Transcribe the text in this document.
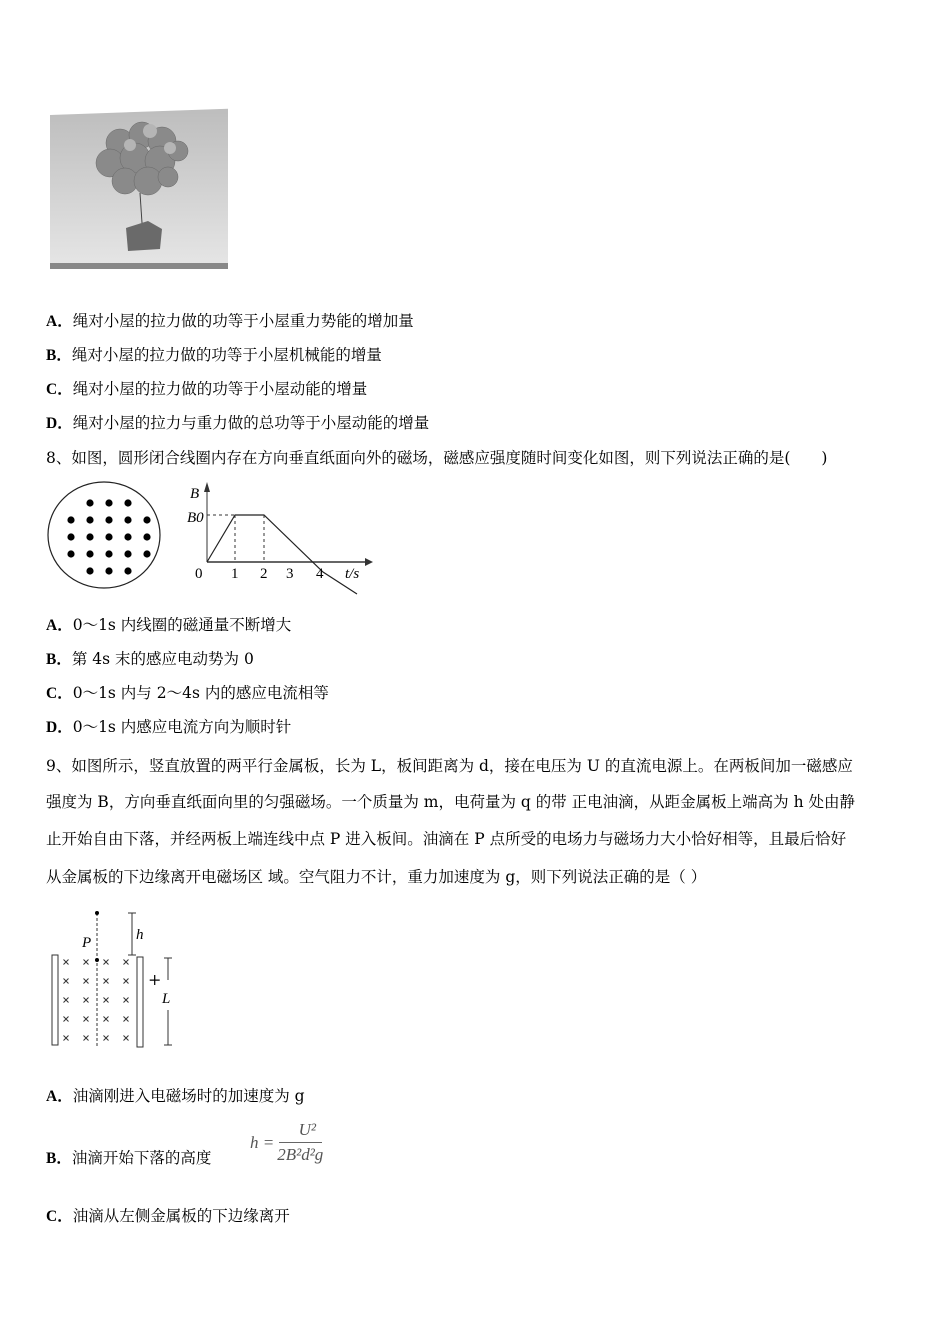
A．绳对小屋的拉力做的功等于小屋重力势能的增加量
B．绳对小屋的拉力做的功等于小屋机械能的增量
C．绳对小屋的拉力做的功等于小屋动能的增量
D．绳对小屋的拉力与重力做的总功等于小屋动能的增量
8、如图，圆形闭合线圈内存在方向垂直纸面向外的磁场，磁感应强度随时间变化如图，则下列说法正确的是(　　)
B
B0
0 1 2 3 4 t/s
A．0～1s 内线圈的磁通量不断增大
B．第 4s 末的感应电动势为 0
C．0～1s 内与 2～4s 内的感应电流相等
D．0～1s 内感应电流方向为顺时针
9、如图所示，竖直放置的两平行金属板，长为 L，板间距离为 d，接在电压为 U 的直流电源上。在两板间加一磁感应
强度为 B，方向垂直纸面向里的匀强磁场。一个质量为 m，电荷量为 q 的带 正电油滴，从距金属板上端高为 h 处由静
止开始自由下落，并经两板上端连线中点 P 进入板间。油滴在 P 点所受的电场力与磁场力大小恰好相等，且最后恰好
从金属板的下边缘离开电磁场区 域。空气阻力不计，重力加速度为 g，则下列说法正确的是（ ）
h
P
L
+
A．油滴刚进入电磁场时的加速度为 g
B．油滴开始下落的高度
$h = \frac{\text{U²}}{\text{2B²d²g}}$
C．油滴从左侧金属板的下边缘离开
